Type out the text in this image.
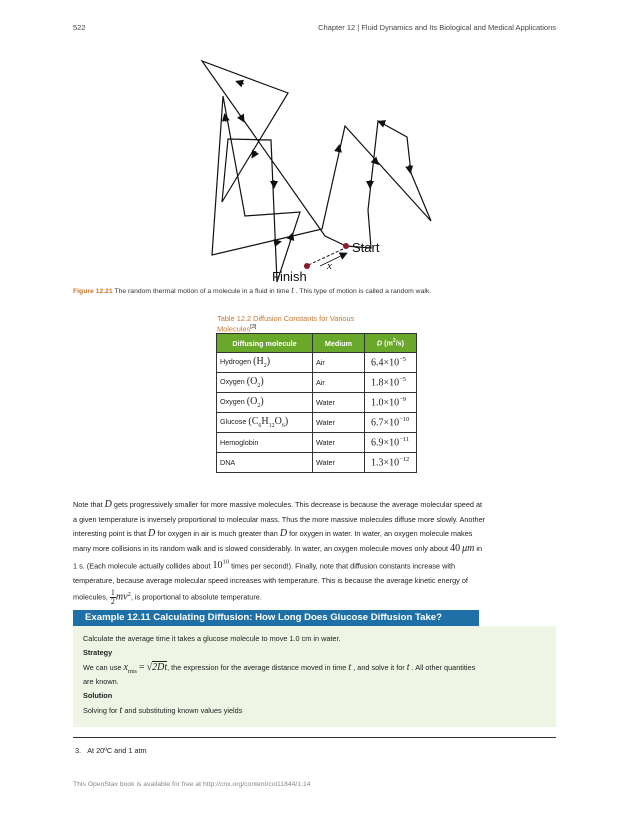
522	Chapter 12 | Fluid Dynamics and Its Biological and Medical Applications
Start
Finish
x
Figure 12.21 The random thermal motion of a molecule in a fluid in time t . This type of motion is called a random walk.
Table 12.2 Diffusion Constants for Various Molecules[3]
Diffusing molecule	Medium	D $(m^2/s)$
Hydrogen $(H_2)$	Air	$6.4\times 10^{-5}$
Oxygen $(O_2)$	Air	$1.8\times 10^{-5}$
Oxygen $(O_2)$	Water	$1.0\times 10^{-9}$
Glucose $(C_6H_{12}O_6)$	Water	$6.7\times 10^{-10}$
Hemoglobin	Water	$6.9\times 10^{-11}$
DNA	Water	$1.3\times 10^{-12}$
Note that D gets progressively smaller for more massive molecules. This decrease is because the average molecular speed at
a given temperature is inversely proportional to molecular mass. Thus the more massive molecules diffuse more slowly. Another
interesting point is that D for oxygen in air is much greater than D for oxygen in water. In water, an oxygen molecule makes
many more collisions in its random walk and is slowed considerably. In water, an oxygen molecule moves only about 40 μm in
1 s. (Each molecule actually collides about $10^{10}$ times per second!). Finally, note that diffusion constants increase with
temperature, because average molecular speed increases with temperature. This is because the average kinetic energy of
molecules, $\frac{1}{2} mv^2$, is proportional to absolute temperature.
Example 12.11 Calculating Diffusion: How Long Does Glucose Diffusion Take?
Calculate the average time it takes a glucose molecule to move 1.0 cm in water.
Strategy
We can use $x_{rms} = √2Dt$, the expression for the average distance moved in time t , and solve it for t . All other quantities
are known.
Solution
Solving for t and substituting known values yields
3. At 20ºC and 1 atm
This OpenStax book is available for free at http://cnx.org/content/col11844/1.14
